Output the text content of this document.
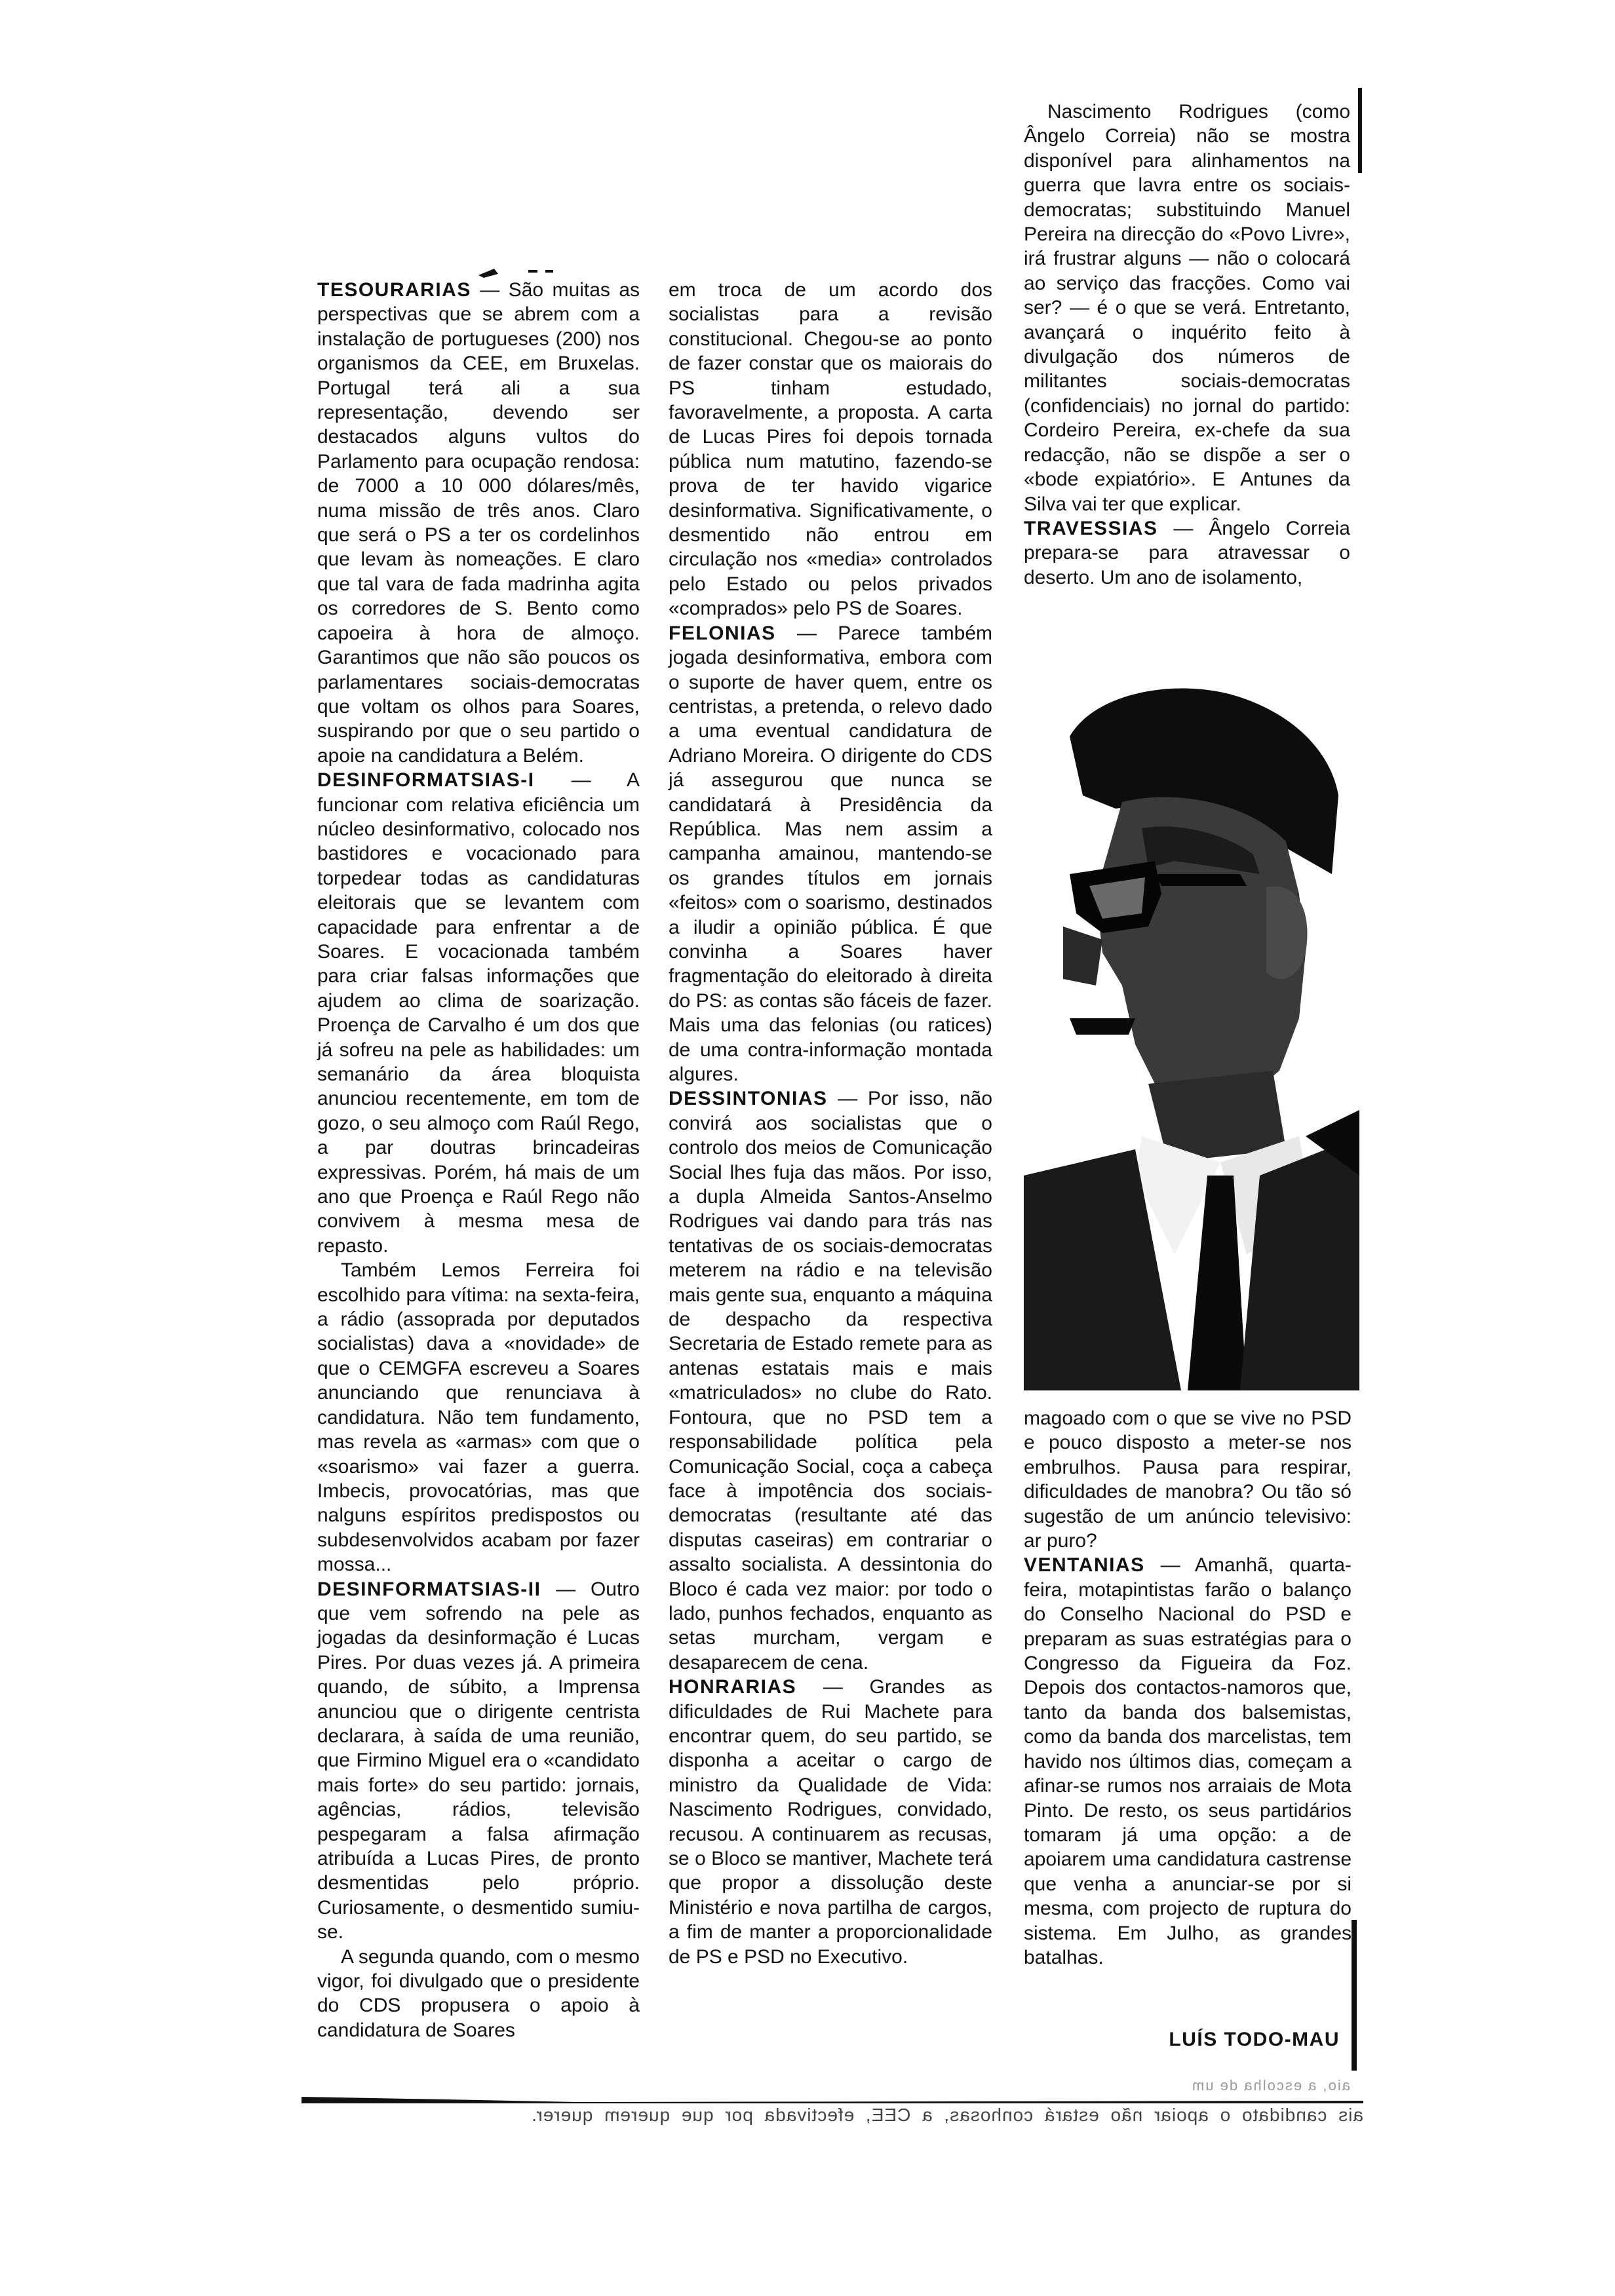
TESOURARIAS — São muitas as perspectivas que se abrem com a instalação de portugueses (200) nos organismos da CEE, em Bruxelas. Portugal terá ali a sua representação, devendo ser destacados alguns vultos do Parlamento para ocupação rendosa: de 7000 a 10 000 dólares/mês, numa missão de três anos. Claro que será o PS a ter os cordelinhos que levam às nomeações. E claro que tal vara de fada madrinha agita os corredores de S. Bento como capoeira à hora de almoço. Garantimos que não são poucos os parlamentares sociais-democratas que voltam os olhos para Soares, suspirando por que o seu partido o apoie na candidatura a Belém.

DESINFORMATSIAS-I — A funcionar com relativa eficiência um núcleo desinformativo, colocado nos bastidores e vocacionado para torpedear todas as candidaturas eleitorais que se levantem com capacidade para enfrentar a de Soares. E vocacionada também para criar falsas informações que ajudem ao clima de soarização. Proença de Carvalho é um dos que já sofreu na pele as habilidades: um semanário da área bloquista anunciou recentemente, em tom de gozo, o seu almoço com Raúl Rego, a par doutras brincadeiras expressivas. Porém, há mais de um ano que Proença e Raúl Rego não convivem à mesma mesa de repasto.

Também Lemos Ferreira foi escolhido para vítima: na sexta-feira, a rádio (assoprada por deputados socialistas) dava a «novidade» de que o CEMGFA escreveu a Soares anunciando que renunciava à candidatura. Não tem fundamento, mas revela as «armas» com que o «soarismo» vai fazer a guerra. Imbecis, provocatórias, mas que nalguns espíritos predispostos ou subdesenvolvidos acabam por fazer mossa...

DESINFORMATSIAS-II — Outro que vem sofrendo na pele as jogadas da desinformação é Lucas Pires. Por duas vezes já. A primeira quando, de súbito, a Imprensa anunciou que o dirigente centrista declarara, à saída de uma reunião, que Firmino Miguel era o «candidato mais forte» do seu partido: jornais, agências, rádios, televisão pespegaram a falsa afirmação atribuída a Lucas Pires, de pronto desmentidas pelo próprio. Curiosamente, o desmentido sumiu-se.

A segunda quando, com o mesmo vigor, foi divulgado que o presidente do CDS propusera o apoio à candidatura de Soares

em troca de um acordo dos socialistas para a revisão constitucional. Chegou-se ao ponto de fazer constar que os maiorais do PS tinham estudado, favoravelmente, a proposta. A carta de Lucas Pires foi depois tornada pública num matutino, fazendo-se prova de ter havido vigarice desinformativa. Significativamente, o desmentido não entrou em circulação nos «media» controlados pelo Estado ou pelos privados «comprados» pelo PS de Soares.

FELONIAS — Parece também jogada desinformativa, embora com o suporte de haver quem, entre os centristas, a pretenda, o relevo dado a uma eventual candidatura de Adriano Moreira. O dirigente do CDS já assegurou que nunca se candidatará à Presidência da República. Mas nem assim a campanha amainou, mantendo-se os grandes títulos em jornais «feitos» com o soarismo, destinados a iludir a opinião pública. É que convinha a Soares haver fragmentação do eleitorado à direita do PS: as contas são fáceis de fazer. Mais uma das felonias (ou ratices) de uma contra-informação montada algures.

DESSINTONIAS — Por isso, não convirá aos socialistas que o controlo dos meios de Comunicação Social lhes fuja das mãos. Por isso, a dupla Almeida Santos-Anselmo Rodrigues vai dando para trás nas tentativas de os sociais-democratas meterem na rádio e na televisão mais gente sua, enquanto a máquina de despacho da respectiva Secretaria de Estado remete para as antenas estatais mais e mais «matriculados» no clube do Rato. Fontoura, que no PSD tem a responsabilidade política pela Comunicação Social, coça a cabeça face à impotência dos sociais-democratas (resultante até das disputas caseiras) em contrariar o assalto socialista. A dessintonia do Bloco é cada vez maior: por todo o lado, punhos fechados, enquanto as setas murcham, vergam e desaparecem de cena.

HONRARIAS — Grandes as dificuldades de Rui Machete para encontrar quem, do seu partido, se disponha a aceitar o cargo de ministro da Qualidade de Vida: Nascimento Rodrigues, convidado, recusou. A continuarem as recusas, se o Bloco se mantiver, Machete terá que propor a dissolução deste Ministério e nova partilha de cargos, a fim de manter a proporcionalidade de PS e PSD no Executivo.

Nascimento Rodrigues (como Ângelo Correia) não se mostra disponível para alinhamentos na guerra que lavra entre os sociais-democratas; substituindo Manuel Pereira na direcção do «Povo Livre», irá frustrar alguns — não o colocará ao serviço das fracções. Como vai ser? — é o que se verá. Entretanto, avançará o inquérito feito à divulgação dos números de militantes sociais-democratas (confidenciais) no jornal do partido: Cordeiro Pereira, ex-chefe da sua redacção, não se dispõe a ser o «bode expiatório». E Antunes da Silva vai ter que explicar.

TRAVESSIAS — Ângelo Correia prepara-se para atravessar o deserto. Um ano de isolamento,

magoado com o que se vive no PSD e pouco disposto a meter-se nos embrulhos. Pausa para respirar, dificuldades de manobra? Ou tão só sugestão de um anúncio televisivo: ar puro?

VENTANIAS — Amanhã, quarta-feira, motapintistas farão o balanço do Conselho Nacional do PSD e preparam as suas estratégias para o Congresso da Figueira da Foz. Depois dos contactos-namoros que, tanto da banda dos balsemistas, como da banda dos marcelistas, tem havido nos últimos dias, começam a afinar-se rumos nos arraiais de Mota Pinto. De resto, os seus partidários tomaram já uma opção: a de apoiarem uma candidatura castrense que venha a anunciar-se por si mesma, com projecto de ruptura do sistema. Em Julho, as grandes batalhas.

LUÍS TODO-MAU
aio, a escolha de um
ais candidato o apoiar não estará conhosas, a CEE, efectivada por que querem querer.
